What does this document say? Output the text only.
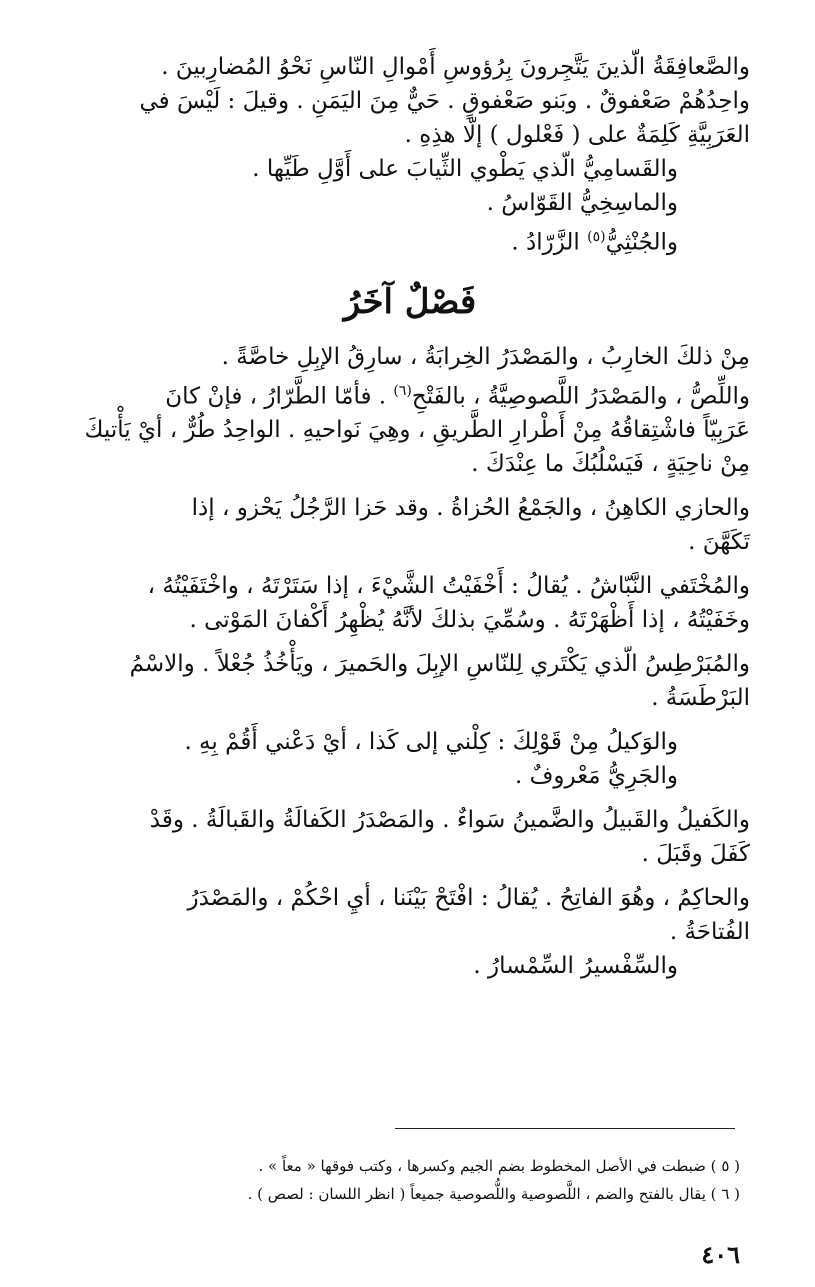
والصَّعافِقَةُ الّذينَ يَتَّجِرونَ بِرُؤوسِ أَمْوالِ النّاسِ نَحْوُ المُضارِبينَ .

واحِدُهُمْ صَعْفوقٌ . وبَنو صَعْفوقٍ . حَيٌّ مِنَ اليَمَنِ . وقيلَ : لَيْسَ في

العَرَبِيَّةِ كَلِمَةٌ على ( فَعْلول ) إلّا هذِهِ .

والقَسامِيُّ الّذي يَطْوي الثِّيابَ على أَوَّلِ طَيِّها .

والماسِخِيُّ القَوّاسُ .

والجُنْثِيُّ$^{(٥)}$ الزَّرّادُ .

فَصْلٌ آخَرُ

مِنْ ذلكَ الخارِبُ ، والمَصْدَرُ الخِرابَةُ ، سارِقُ الإبِلِ خاصَّةً .

واللِّصُّ ، والمَصْدَرُ اللَّصوصِيَّةُ ، بالفَتْحِ$^{(٦)}$ . فأمّا الطَّرّارُ ، فإنْ كانَ

عَرَبِيّاً فاشْتِقاقُهُ مِنْ أَطْرارِ الطَّريقِ ، وهِيَ نَواحيهِ . الواحِدُ طُرٌّ ، أيْ يَأْتيكَ

مِنْ ناحِيَةٍ ، فَيَسْلُبُكَ ما عِنْدَكَ .

والحازي الكاهِنُ ، والجَمْعُ الحُزاةُ . وقد حَزا الرَّجُلُ يَحْزو ، إذا

تَكَهَّنَ .

والمُخْتَفي النَّبّاشُ . يُقالُ : أَخْفَيْتُ الشَّيْءَ ، إذا سَتَرْتَهُ ، واخْتَفَيْتُهُ ،

وخَفَيْتُهُ ، إذا أَظْهَرْتَهُ . وسُمِّيَ بذلكَ لأنَّهُ يُظْهِرُ أَكْفانَ المَوْتى .

والمُبَرْطِسُ الّذي يَكْتَري لِلنّاسِ الإبِلَ والحَميرَ ، ويَأْخُذُ جُعْلاً . والاسْمُ

البَرْطَسَةُ .

والوَكيلُ مِنْ قَوْلِكَ : كِلْني إلى كَذا ، أيْ دَعْني أَقُمْ بِهِ .

والجَرِيُّ مَعْروفٌ .

والكَفيلُ والقَبيلُ والضَّمينُ سَواءٌ . والمَصْدَرُ الكَفالَةُ والقَبالَةُ . وقَدْ

كَفَلَ وقَبَلَ .

والحاكِمُ ، وهُوَ الفاتِحُ . يُقالُ : افْتَحْ بَيْنَنا ، أيِ احْكُمْ ، والمَصْدَرُ

الفُتاحَةُ .

والسِّفْسيرُ السِّمْسارُ .

( ٥ ) ضبطت في الأصل المخطوط بضم الجيم وكسرها ، وكتب فوقها « معاً » .

( ٦ ) يقال بالفتح والضم ، اللَّصوصية واللُّصوصية جميعاً ( انظر اللسان : لصص ) .

٤٠٦
